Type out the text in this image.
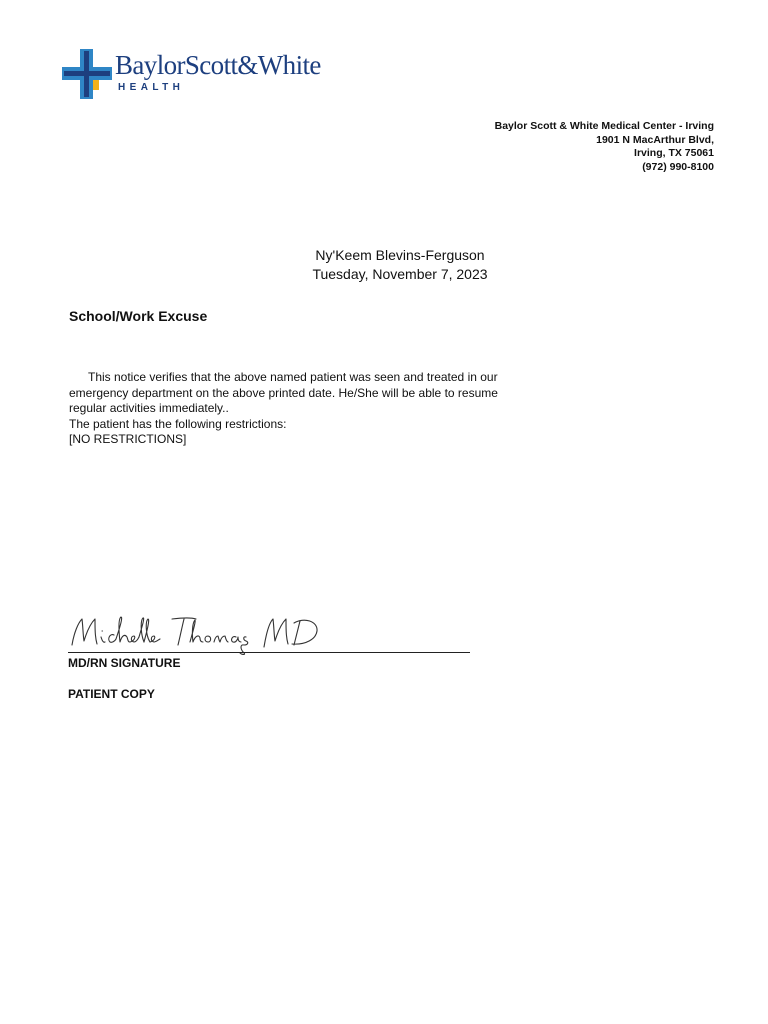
BaylorScott&White
HEALTH
Baylor Scott & White Medical Center - Irving
1901 N MacArthur Blvd,
Irving, TX 75061
(972) 990-8100
Ny'Keem Blevins-Ferguson
Tuesday, November 7, 2023
School/Work Excuse

This notice verifies that the above named patient was seen and treated in our emergency department on the above printed date. He/She will be able to resume regular activities immediately..

The patient has the following restrictions:

[NO RESTRICTIONS]

MD/RN SIGNATURE
PATIENT COPY
